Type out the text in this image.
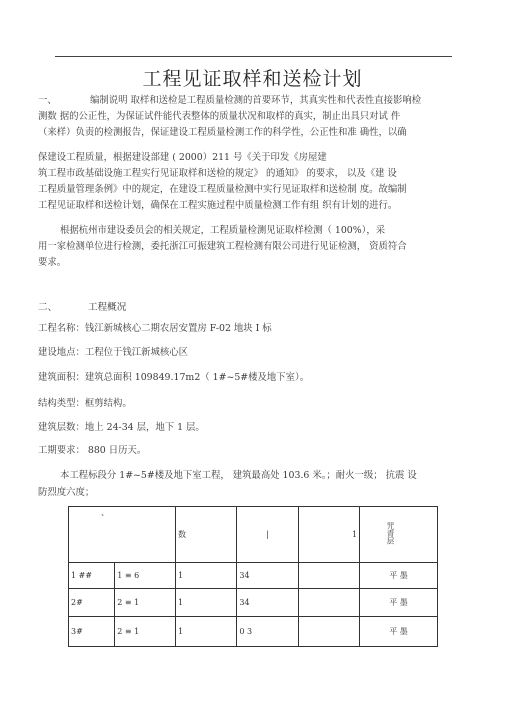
工程见证取样和送检计划
一、	编制说明 取样和送检是工程质量检测的首要环节，其真实性和代表性直接影响检
测数 据的公正性，为保证试件能代表整体的质量状况和取样的真实，制止出具只对试 件
（来样）负责的检测报告，保证建设工程质量检测工作的科学性，公正性和准 确性，以确
保建设工程质量，根据建设部建 ( 2000）211 号《关于印发《房屋建
筑工程市政基础设施工程实行见证取样和送检的规定》 的通知》 的要求， 以及《建 设
工程质量管理条例》中的规定，在建设工程质量检测中实行见证取样和送检制 度。故编制
工程见证取样和送检计划，确保在工程实施过程中质量检测工作有组 织有计划的进行。
根据杭州市建设委员会的相关规定，工程质量检测见证取样检测（ 100%），采
用一家检测单位进行检测，委托浙江可振建筑工程检测有限公司进行见证检测， 资质符合
要求。
二、	工程概况
工程名称：钱江新城核心二期农居安置房 F-02 地块 I 标
建设地点：工程位于钱江新城核心区
建筑面积：建筑总面积 109849.17m2（ 1#~5#楼及地下室）。
结构类型：框剪结构。
建筑层数：地上 24-34 层，地下 1 层。
工期要求： 880 日历天。
本工程标段分 1#~5#楼及地下室工程， 建筑最高处 103.6 米。；耐火一级； 抗震 设
防烈度六度；
、		数	|	1	咒青层
1 ##	1 ≡ 6	1	34		平 墨
2#	2 ≡ 1	1	34		平 墨
3#	2 ≡ 1	1	0 3		平 墨
